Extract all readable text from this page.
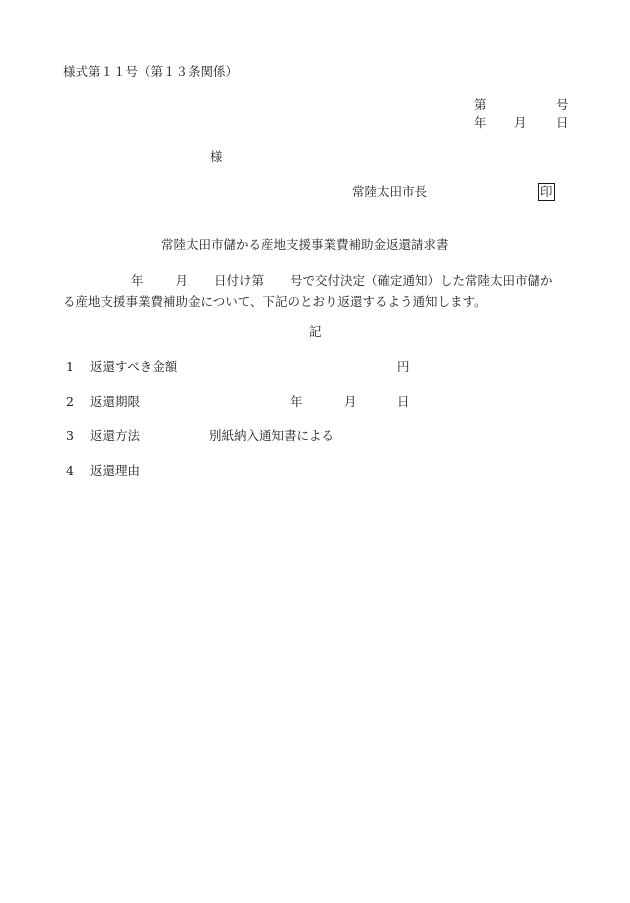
様式第１１号（第１３条関係）
第	号
年 月 日
様
常陸太田市長	印
常陸太田市儲かる産地支援事業費補助金返還請求書
年	月 日付け第 号で交付決定（確定通知）した常陸太田市儲か
る産地支援事業費補助金について、下記のとおり返還するよう通知します。
記
1 返還すべき金額	円
2 返還期限	年	月	日
3 返還方法	別紙納入通知書による
4 返還理由
